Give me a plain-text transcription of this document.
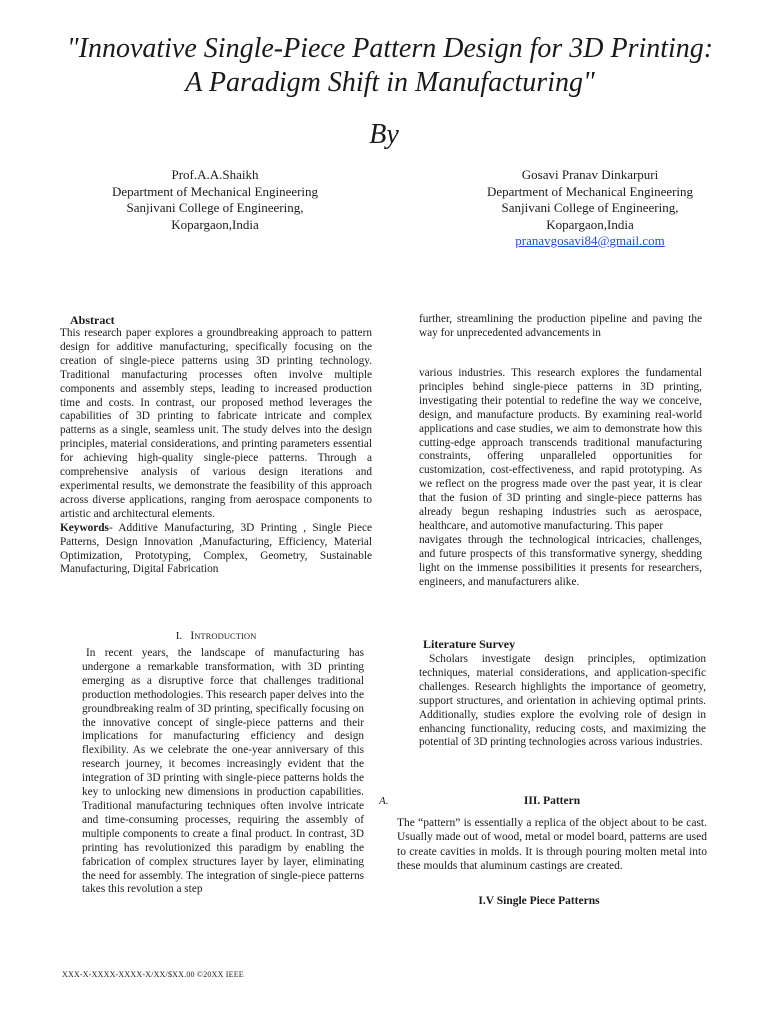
"Innovative Single-Piece Pattern Design for 3D Printing: A Paradigm Shift in Manufacturing"
By
Prof.A.A.Shaikh
Department of Mechanical Engineering
Sanjivani College of Engineering,
Kopargaon,India
Gosavi Pranav Dinkarpuri
Department of Mechanical Engineering
Sanjivani College of Engineering,
Kopargaon,India
pranavgosavi84@gmail.com
Abstract

This research paper explores a groundbreaking approach to pattern design for additive manufacturing, specifically focusing on the creation of single-piece patterns using 3D printing technology. Traditional manufacturing processes often involve multiple components and assembly steps, leading to increased production time and costs. In contrast, our proposed method leverages the capabilities of 3D printing to fabricate intricate and complex patterns as a single, seamless unit. The study delves into the design principles, material considerations, and printing parameters essential for achieving high-quality single-piece patterns. Through a comprehensive analysis of various design iterations and experimental results, we demonstrate the feasibility of this approach across diverse applications, ranging from aerospace components to artistic and architectural elements.

Keywords- Additive Manufacturing, 3D Printing , Single Piece Patterns, Design Innovation ,Manufacturing, Efficiency, Material Optimization, Prototyping, Complex, Geometry, Sustainable Manufacturing, Digital Fabrication

I. INTRODUCTION

In recent years, the landscape of manufacturing has undergone a remarkable transformation, with 3D printing emerging as a disruptive force that challenges traditional production methodologies. This research paper delves into the groundbreaking realm of 3D printing, specifically focusing on the innovative concept of single-piece patterns and their implications for manufacturing efficiency and design flexibility. As we celebrate the one-year anniversary of this research journey, it becomes increasingly evident that the integration of 3D printing with single-piece patterns holds the key to unlocking new dimensions in production capabilities. Traditional manufacturing techniques often involve intricate and time-consuming processes, requiring the assembly of multiple components to create a final product. In contrast, 3D printing has revolutionized this paradigm by enabling the fabrication of complex structures layer by layer, eliminating the need for assembly. The integration of single-piece patterns takes this revolution a step

further, streamlining the production pipeline and paving the way for unprecedented advancements in

various industries. This research explores the fundamental principles behind single-piece patterns in 3D printing, investigating their potential to redefine the way we conceive, design, and manufacture products. By examining real-world applications and case studies, we aim to demonstrate how this cutting-edge approach transcends traditional manufacturing constraints, offering unparalleled opportunities for customization, cost-effectiveness, and rapid prototyping. As we reflect on the progress made over the past year, it is clear that the fusion of 3D printing and single-piece patterns has already begun reshaping industries such as aerospace, healthcare, and automotive manufacturing. This paper

navigates through the technological intricacies, challenges, and future prospects of this transformative synergy, shedding light on the immense possibilities it presents for researchers, engineers, and manufacturers alike.

Literature Survey

Scholars investigate design principles, optimization techniques, material considerations, and application-specific challenges. Research highlights the importance of geometry, support structures, and orientation in achieving optimal prints. Additionally, studies explore the evolving role of design in enhancing functionality, reducing costs, and maximizing the potential of 3D printing technologies across various industries.

A.	III. Pattern

The “pattern” is essentially a replica of the object about to be cast. Usually made out of wood, metal or model board, patterns are used to create cavities in molds. It is through pouring molten metal into these moulds that aluminum castings are created.

I.V Single Piece Patterns
XXX-X-XXXX-XXXX-X/XX/$XX.00 ©20XX IEEE
